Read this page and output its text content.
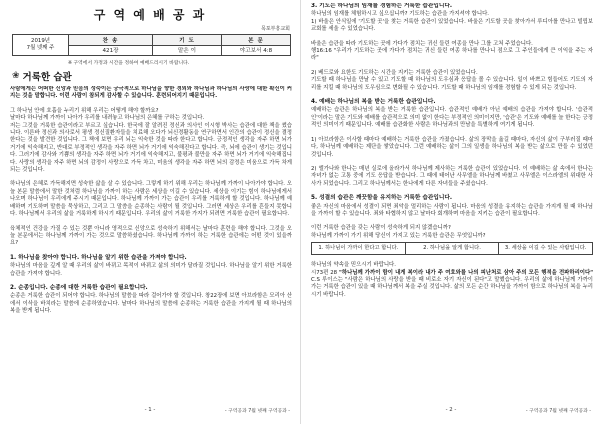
구 역 예 배 공 과
목포부흥교회
2019년
7월 넷째 주
찬 송	기 도	본 문
421장	맡은 이	야고보서 4:8
※ 구역에서 가정과 시간을 정하여 예배드리시기 바랍니다.
❀ 거룩한 습관

사람에게는 어떠한 신앙과 믿음의 성숙이든 궁극적으로 하나님을 향한 경외와 하나님과 하나님의 사랑에 대한 확신이 커지는 것을 말합니다. 이런 사람이 참되게 감사할 수 있습니다. 훈련되어지기 때문입니다.

그 하나님 안에 호흡을 누리기 위해 우리는 어떻게 해야 할까요?

날마다 하나님께 가까이 나아가 우리를 내려놓고 하나님의 은혜를 구하는 것입니다.

저는 그것을 거룩한 습관이라고 부르고 싶습니다. 한국에 잘 알려진 정신과 의사인 이시형 박사는 습관에 대한 책을 썼습니다. 이른바 정신과 의사로서 평생 정신질환자들을 치료해 오다가 뇌신경활동을 연구하면서 인간의 습관이 정신을 결정한다는 것을 발견한 것입니다. 그 책에 보면 우리 뇌는 익숙한 것을 따라 한다고 합니다. 긍정적인 생각을 자주 하면 뇌가 거기에 익숙해지고, 반대로 부정적인 생각을 자주 하면 뇌가 거기에 익숙해진다고 합니다. 즉, 뇌에 습관이 생기는 것입니다. 그러기에 감사와 기쁨의 생각을 자주 하면 뇌가 거기에 익숙해지고, 불평과 불만을 자주 하면 뇌가 거기에 익숙해집니다. 사랑의 생각을 자주 하면 뇌의 감정이 사랑으로 가득 차고, 미움의 생각을 자주 하면 뇌의 감정은 미움으로 가득 차게 되는 것입니다.

하나님의 은혜로 가득해지면 성숙한 삶을 살 수 있습니다. 그렇게 하기 위해 우리는 하나님께 가까이 나아가야 합니다. 오늘 본문 말씀에서 말한 것처럼 하나님을 가까이 하는 사람은 세상을 이길 수 있습니다. 세상을 이기는 힘이 하나님에게서 나오며 하나님이 우리에게 주시기 때문입니다. 하나님께 가까이 가는 습관이 우리를 거룩하게 할 것입니다. 하나님께 예배하며 기도하며 말씀을 묵상하고, 그리고 그 말씀을 순종하는 사람이 될 것입니다. 그러면 세상은 우리를 흔들지 못합니다. 하나님께서 우리의 삶을 거룩하게 하시기 때문입니다. 우리의 삶이 거룩한 가지가 되려면 거룩한 습관이 필요합니다.

육체적인 건강을 가질 수 있는 것뿐 아니라 영적으로 신앙으로 성숙하기 위해서는 날마다 훈련을 해야 합니다. 그것을 오늘 본문에서는 하나님께 가까이 가는 것으로 말씀하셨습니다. 하나님께 가까이 하는 거룩한 습관에는 어떤 것이 있을까요?

1. 하나님을 찾아야 합니다. 하나님을 알기 위한 습관을 가져야 합니다.

하나님의 마음을 깊게 알 때 우리의 삶이 바뀌고 목적이 바뀌고 삶의 의미가 달라질 것입니다. 하나님을 알기 위한 거룩한 습관을 가져야 합니다.

2. 순종입니다. 순종에 대한 거룩한 습관이 필요합니다.

순종은 거룩한 습관이 되어야 합니다. 하나님의 말씀을 따라 걸어가야 할 것입니다. 창22장에 보면 아브라함은 모리아 산에서 이삭을 바치라는 말씀에 순종하였습니다. 날마다 하나님의 말씀에 순종하는 거룩한 습관을 가지게 될 때 하나님의 복을 받게 됩니다.

- 1 -	- 구역공과 7월 넷째 구역공과 -

3. 기도는 하나님의 임재를 경험하는 거룩한 습관입니다.

하나님의 임재를 체험하시고 싶으십니까? 기도하는 습관을 가지셔야 합니다.

1) 바울은 안식일에 '기도할 곳'을 찾는 거룩한 습관이 있었습니다. 바울은 기도할 곳을 찾아가서 루디아를 만나고 빌립보 교회를 세울 수 있었습니다.

바울은 습관을 따라 기도하는 곳에 가다가 점치는 귀신 들린 여종을 만나 그를 고쳐 주었습니다.

행16:16 "우리가 기도하는 곳에 가다가 점치는 귀신 들린 여종 하나를 만나니 점으로 그 주인들에게 큰 이익을 주는 자라"

2) 베드로와 요한도 기도하는 시간을 지키는 거룩한 습관이 있었습니다.

기도할 때 하나님을 만날 수 있고 기도할 때 하나님의 도우심과 응답을 볼 수 있습니다. 일이 바쁘고 힘들어도 기도의 자리를 지킬 때 하나님의 도우심으로 변화될 수 있습니다. 기도할 때 하나님의 임재를 경험할 수 있게 되는 것입니다.

4. 예배는 하나님의 복을 받는 거룩한 습관입니다.

예배하는 습관은 하나님의 복을 받는 거룩한 습관입니다. 습관적인 예배가 아닌 예배의 습관을 가져야 합니다. '습관적인'이라는 말은 기도와 예배를 습관적으로 의미 없이 한다는 부정적인 의미이지만, '습관'은 기도와 예배를 늘 한다는 긍정적인 의미이기 때문입니다. 예배를 습관화한 사람은 하나님과의 만남을 특별하게 여기게 됩니다.

1) 아브라함은 이사할 때마다 예배하는 거룩한 습관을 가졌습니다. 삶의 장막을 옮길 때마다, 자신의 삶이 구부러질 때마다, 하나님께 예배하는 제단을 쌓았습니다. 그런 예배하는 삶이 그의 일생을 하나님의 복을 받는 삶으로 만들 수 있었던 것입니다.

2) 엘가나와 한나는 매년 실로에 올라가서 하나님께 제사하는 거룩한 습관이 있었습니다. 이 예배하는 삶 속에서 한나는 자녀가 없는 고통 중에 기도 응답을 받습니다. 그 때에 태어난 사무엘을 하나님께 바쳤고 사무엘은 이스라엘의 위대한 사사가 되었습니다. 그리고 하나님께서는 한나에게 다른 자녀들을 주셨습니다.

5. 성결의 습관은 깨끗함을 유지하는 거룩한 습관입니다.

좋은 자신의 마음에서 성결이 되면 죄악을 멀리하는 사람이 됩니다. 마음의 성결을 유지하는 습관을 가지게 될 때 하나님을 가까이 할 수 있습니다. 죄와 타협하지 않고 날마다 회개하며 마음을 지키는 습관이 필요합니다.

이런 거룩한 습관을 갖는 사람이 성숙하게 되지 않겠습니까?

하나님께 가까이 가기 위해 당신이 가지고 있는 거룩한 습관은 무엇입니까?

1. 하나님이 가까이 한다고 합니다.	2. 하나님을 알게 합니다.	3. 세상을 이길 수 있는 사람입니다.

하나님의 약속을 믿으시기 바랍니다.

시73편 28 "하나님께 가까이 함이 내게 복이라 내가 주 여호와를 나의 피난처로 삼아 주의 모든 행적을 전파하리이다" C.S 루이스는 "사람은 하나님의 사랑을 받을 때 비로소 자기 자신이 된다"고 말했습니다. 우리의 삶에 하나님께 가까이 가는 거룩한 습관이 있을 때 하나님께서 복을 주실 것입니다. 삶의 모든 순간 하나님을 가까이 함으로 하나님의 복을 누리시기 바랍니다.

- 2 -	- 구역공과 7월 넷째 구역공과 -
